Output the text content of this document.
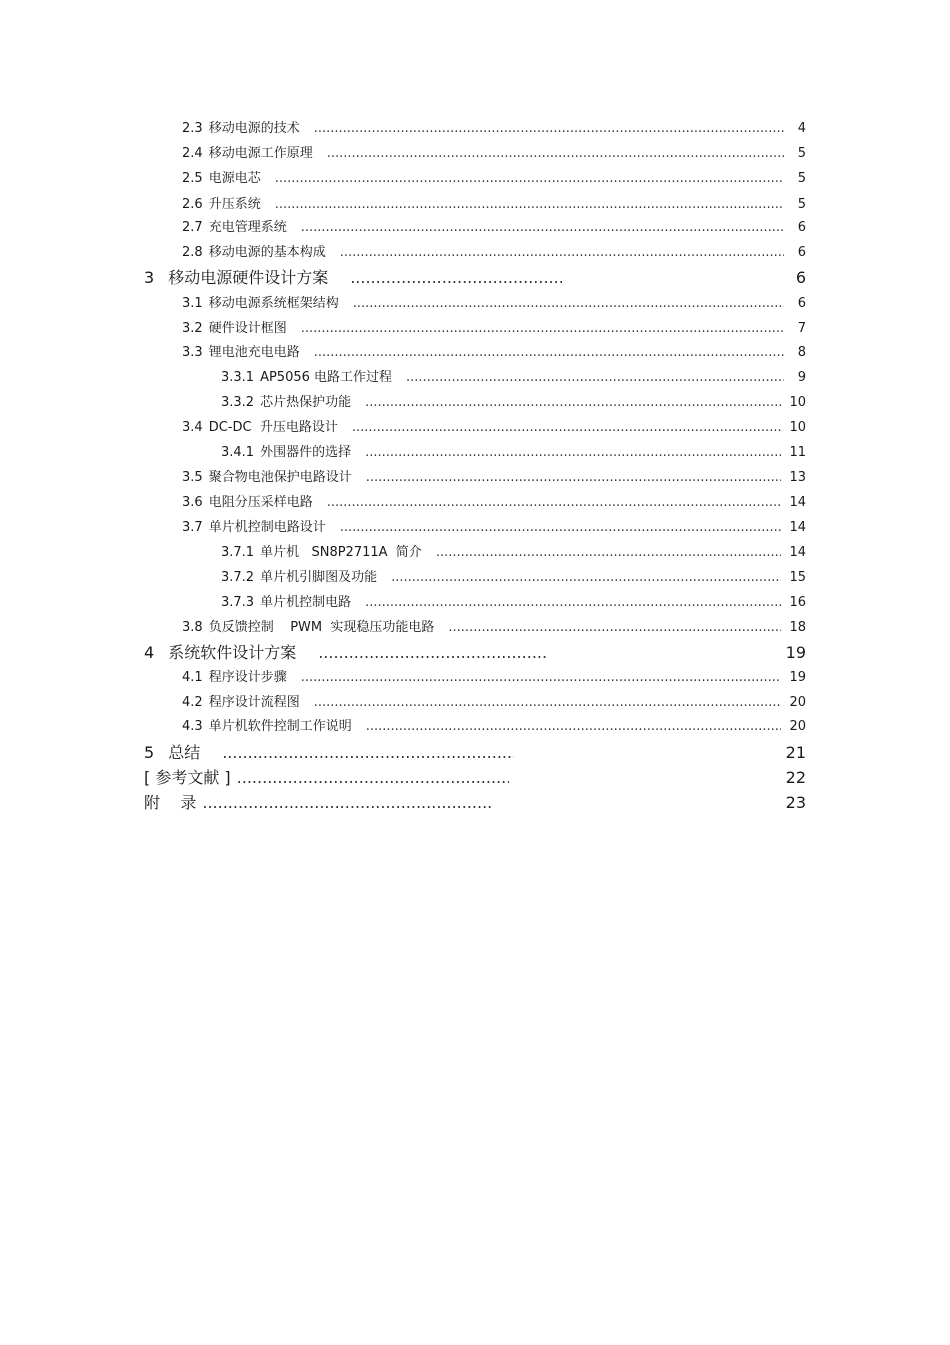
2.3 移动电源的技术 .....	4
2.4 移动电源工作原理 .....	5
2.5 电源电芯 .....	5
2.6 升压系统 .....	5
2.7 充电管理系统 .....	6
2.8 移动电源的基本构成 .....	6
3 移动电源硬件设计方案 .....	6
3.1 移动电源系统框架结构 .....	6
3.2 硬件设计框图 .....	7
3.3 锂电池充电电路 .....	8
3.3.1 AP5056 电路工作过程 .....	9
3.3.2 芯片热保护功能 .....	10
3.4 DC-DC  升压电路设计 .....	10
3.4.1 外围器件的选择 .....	11
3.5 聚合物电池保护电路设计 .....	13
3.6 电阻分压采样电路 .....	14
3.7 单片机控制电路设计 .....	14
3.7.1 单片机   SN8P2711A  简介 .....	14
3.7.2 单片机引脚图及功能 .....	15
3.7.3 单片机控制电路 .....	16
3.8 负反馈控制    PWM  实现稳压功能电路 .....	18
4 系统软件设计方案 .....	19
4.1 程序设计步骤 .....	19
4.2 程序设计流程图 .....	20
4.3 单片机软件控制工作说明 .....	20
5 总结 .....	21
[ 参考文献 ] .....	22
附    录 .....	23
